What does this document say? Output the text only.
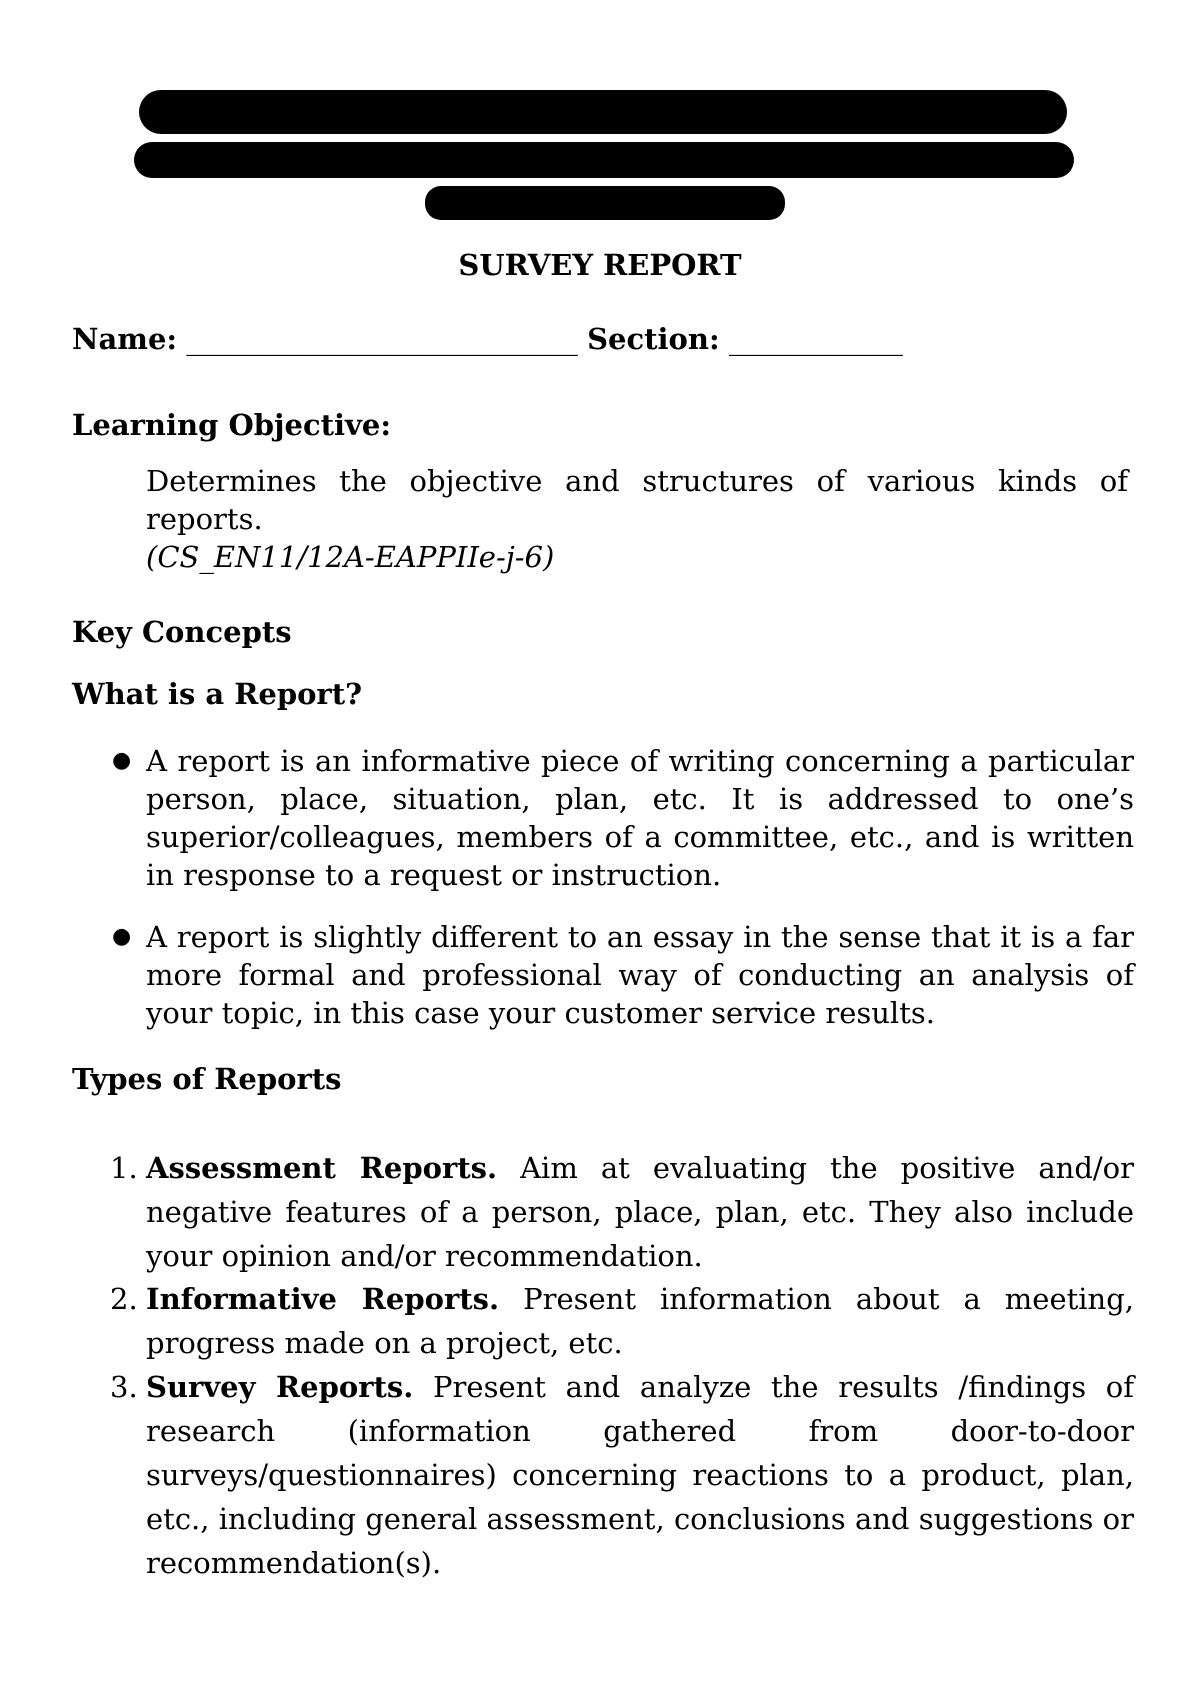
SURVEY REPORT
Name: ___________________________ Section: ____________
Learning Objective:
Determines the objective and structures of various kinds of reports.
(CS_EN11/12A-EAPPIIe-j-6)
Key Concepts
What is a Report?
● A report is an informative piece of writing concerning a particular person, place, situation, plan, etc. It is addressed to one’s superior/colleagues, members of a committee, etc., and is written in response to a request or instruction.
● A report is slightly different to an essay in the sense that it is a far more formal and professional way of conducting an analysis of your topic, in this case your customer service results.
Types of Reports
1. Assessment Reports. Aim at evaluating the positive and/or negative features of a person, place, plan, etc. They also include your opinion and/or recommendation.
2. Informative Reports. Present information about a meeting, progress made on a project, etc.
3. Survey Reports. Present and analyze the results /findings of research (information gathered from door-to-door surveys/questionnaires) concerning reactions to a product, plan, etc., including general assessment, conclusions and suggestions or recommendation(s).
